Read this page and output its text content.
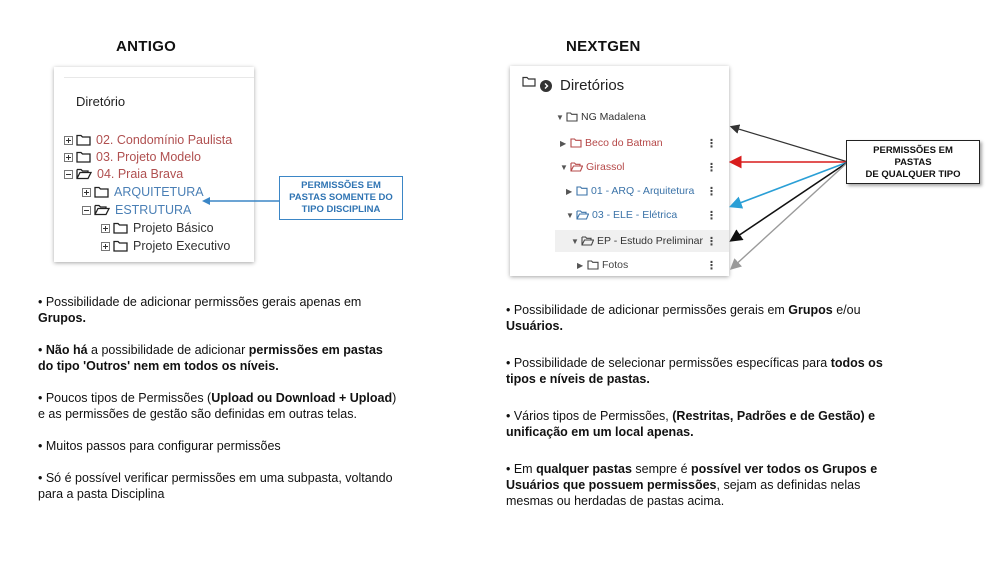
ANTIGO
Diretório
02. Condomínio Paulista
03. Projeto Modelo
04. Praia Brava
ARQUITETURA
ESTRUTURA
Projeto Básico
Projeto Executivo
PERMISSÕES EM
PASTAS SOMENTE DO
TIPO DISCIPLINA

• Possibilidade de adicionar permissões gerais apenas em Grupos.

• Não há a possibilidade de adicionar permissões em pastas do tipo 'Outros' nem em todos os níveis.

• Poucos tipos de Permissões (Upload ou Download + Upload) e as permissões de gestão são definidas em outras telas.

• Muitos passos para configurar permissões

• Só é possível verificar permissões em uma subpasta, voltando para a pasta Disciplina

NEXTGEN
Diretórios
▼ NG Madalena
▶	Beco do Batman	⋮
▼ Girassol	⋮
▶	01 - ARQ - Arquitetura ⋮
▼ 03 - ELE - Elétrica	⋮
▼ EP - Estudo Preliminar ⋮
▶	Fotos	⋮
PERMISSÕES EM
PASTAS
DE QUALQUER TIPO

• Possibilidade de adicionar permissões gerais em Grupos e/ou Usuários.

• Possibilidade de selecionar permissões específicas para todos os tipos e níveis de pastas.

• Vários tipos de Permissões, (Restritas, Padrões e de Gestão) e unificação em um local apenas.

• Em qualquer pastas sempre é possível ver todos os Grupos e Usuários que possuem permissões, sejam as definidas nelas mesmas ou herdadas de pastas acima.
